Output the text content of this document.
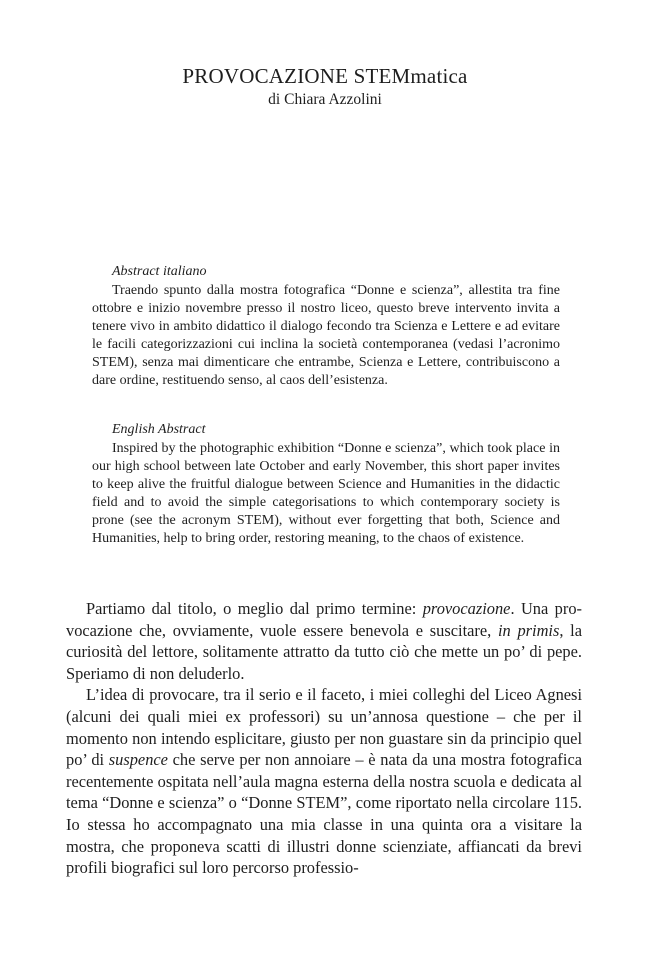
PROVOCAZIONE STEMmatica
di Chiara Azzolini
Abstract italiano

Traendo spunto dalla mostra fotografica “Donne e scienza”, allestita tra fine ottobre e inizio novembre presso il nostro liceo, questo breve intervento invita a tenere vivo in ambito didattico il dialogo fecondo tra Scienza e Lettere e ad evitare le facili categorizzazioni cui inclina la società contemporanea (vedasi l’acronimo STEM), senza mai dimenticare che entrambe, Scienza e Lettere, contribuiscono a dare ordine, restituendo senso, al caos dell’esistenza.

English Abstract

Inspired by the photographic exhibition “Donne e scienza”, which took place in our high school between late October and early November, this short paper invites to keep alive the fruitful dialogue between Science and Humanities in the didactic field and to avoid the simple categorisations to which contemporary society is prone (see the acronym STEM), without ever forgetting that both, Science and Humanities, help to bring order, restoring meaning, to the chaos of existence.

Partiamo dal titolo, o meglio dal primo termine: provocazione. Una provocazione che, ovviamente, vuole essere benevola e suscitare, in primis, la curiosità del lettore, solitamente attratto da tutto ciò che mette un po’ di pepe. Speriamo di non deluderlo.

L’idea di provocare, tra il serio e il faceto, i miei colleghi del Liceo Agnesi (alcuni dei quali miei ex professori) su un’annosa questione – che per il momento non intendo esplicitare, giusto per non guastare sin da principio quel po’ di suspence che serve per non annoiare – è nata da una mostra fotografica recentemente ospitata nell’aula magna esterna della nostra scuola e dedicata al tema “Donne e scienza” o “Donne STEM”, come riportato nella circolare 115. Io stessa ho accompagnato una mia classe in una quinta ora a visitare la mostra, che proponeva scatti di illustri donne scienziate, affiancati da brevi profili biografici sul loro percorso professio-
